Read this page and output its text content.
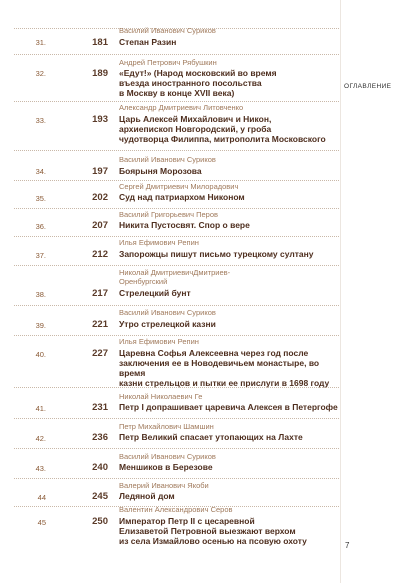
Василий Иванович Суриков
31.	181 Степан Разин
Андрей Петрович Рябушкин
32.	189 «Едут!» (Народ московский во время
въезда иностранного посольства
в Москву в конце XVII века)
Александр Дмитриевич Литовченко
33.	193 Царь Алексей Михайлович и Никон,
архиепископ Новгородский, у гроба
чудотворца Филиппа, митрополита Московского
Василий Иванович Суриков
34.	197 Боярыня Морозова
Сергей Дмитриевич Милорадович
35.	202 Суд над патриархом Никоном
Василий Григорьевич Перов
36.	207 Никита Пустосвят. Спор о вере
Илья Ефимович Репин
37.	212 Запорожцы пишут письмо турецкому султану
Николай ДмитриевичДмитриев-
Оренбургский
38.	217 Стрелецкий бунт
Василий Иванович Суриков
39.	221 Утро стрелецкой казни
Илья Ефимович Репин
40.	227 Царевна Софья Алексеевна через год после
заключения ее в Новодевичьем монастыре, во время
казни стрельцов и пытки ее прислуги в 1698 году
Николай Николаевич Ге
41.	231 Петр I допрашивает царевича Алексея в Петергофе
Петр Михайлович Шамшин
42.	236 Петр Великий спасает утопающих на Лахте
Василий Иванович Суриков
43.	240 Меншиков в Березове
Валерий Иванович Якоби
44	245 Ледяной дом
Валентин Александрович Серов
45	250 Император Петр II с цесаревной
Елизаветой Петровной выезжают верхом
из села Измайлово осенью на псовую охоту
ОГЛАВЛЕНИЕ
7
